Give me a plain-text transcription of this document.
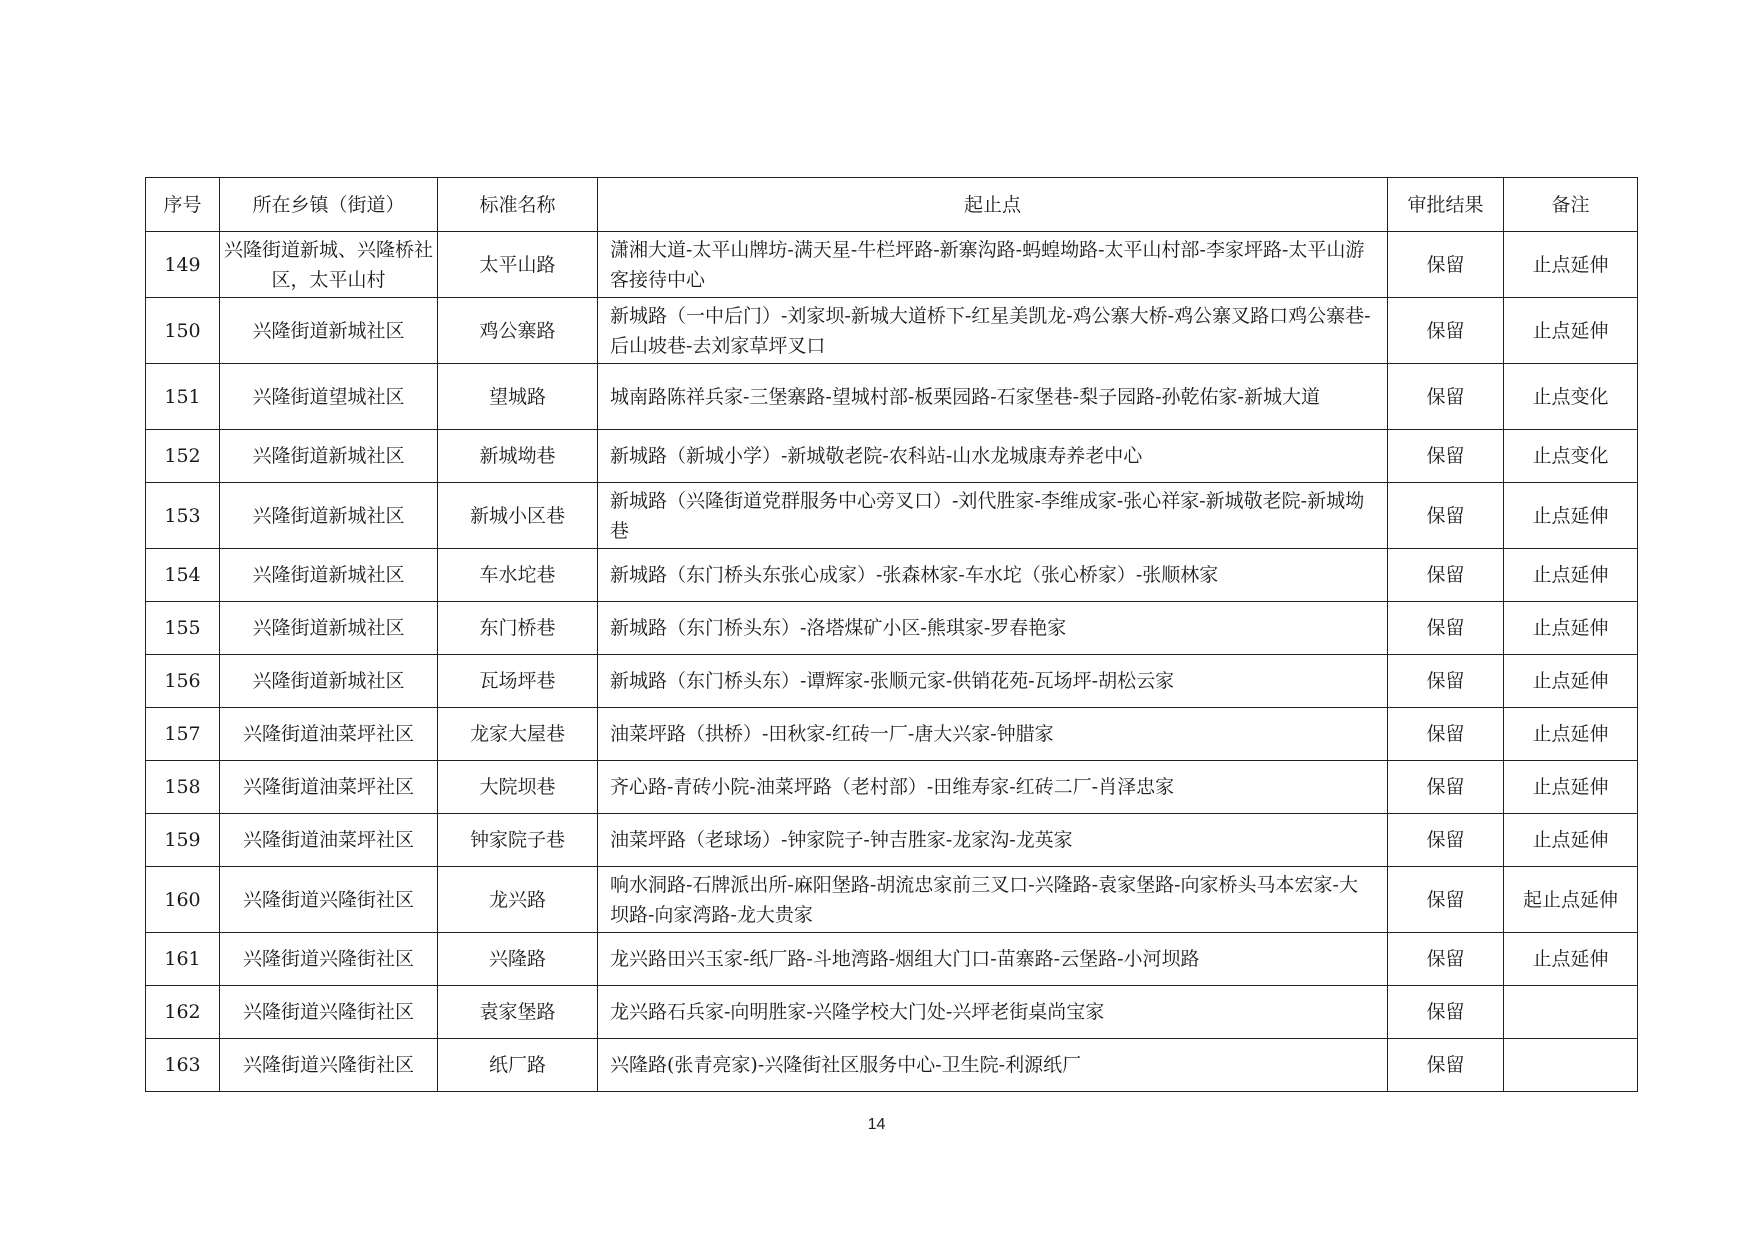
序号	所在乡镇（街道）	标准名称	起止点	审批结果	备注

149	兴隆街道新城、兴隆桥社区，太平山村	太平山路	潇湘大道-太平山牌坊-满天星-牛栏坪路-新寨沟路-蚂蝗坳路-太平山村部-李家坪路-太平山游客接待中心	保留	止点延伸

150	兴隆街道新城社区	鸡公寨路	新城路（一中后门）-刘家坝-新城大道桥下-红星美凯龙-鸡公寨大桥-鸡公寨叉路口鸡公寨巷-后山坡巷-去刘家草坪叉口	保留	止点延伸

151	兴隆街道望城社区	望城路	城南路陈祥兵家-三堡寨路-望城村部-板栗园路-石家堡巷-梨子园路-孙乾佑家-新城大道	保留	止点变化

152	兴隆街道新城社区	新城坳巷	新城路（新城小学）-新城敬老院-农科站-山水龙城康寿养老中心	保留	止点变化

153	兴隆街道新城社区	新城小区巷	新城路（兴隆街道党群服务中心旁叉口）-刘代胜家-李维成家-张心祥家-新城敬老院-新城坳巷	保留	止点延伸

154	兴隆街道新城社区	车水坨巷	新城路（东门桥头东张心成家）-张森林家-车水坨（张心桥家）-张顺林家	保留	止点延伸

155	兴隆街道新城社区	东门桥巷	新城路（东门桥头东）-洛塔煤矿小区-熊琪家-罗春艳家	保留	止点延伸

156	兴隆街道新城社区	瓦场坪巷	新城路（东门桥头东）-谭辉家-张顺元家-供销花苑-瓦场坪-胡松云家	保留	止点延伸

157	兴隆街道油菜坪社区	龙家大屋巷	油菜坪路（拱桥）-田秋家-红砖一厂-唐大兴家-钟腊家	保留	止点延伸

158	兴隆街道油菜坪社区	大院坝巷	齐心路-青砖小院-油菜坪路（老村部）-田维寿家-红砖二厂-肖泽忠家	保留	止点延伸

159	兴隆街道油菜坪社区	钟家院子巷	油菜坪路（老球场）-钟家院子-钟吉胜家-龙家沟-龙英家	保留	止点延伸

160	兴隆街道兴隆街社区	龙兴路	响水洞路-石牌派出所-麻阳堡路-胡流忠家前三叉口-兴隆路-袁家堡路-向家桥头马本宏家-大坝路-向家湾路-龙大贵家	保留	起止点延伸

161	兴隆街道兴隆街社区	兴隆路	龙兴路田兴玉家-纸厂路-斗地湾路-烟组大门口-苗寨路-云堡路-小河坝路	保留	止点延伸

162	兴隆街道兴隆街社区	袁家堡路	龙兴路石兵家-向明胜家-兴隆学校大门处-兴坪老街桌尚宝家	保留	

163	兴隆街道兴隆街社区	纸厂路	兴隆路(张青亮家)-兴隆街社区服务中心-卫生院-利源纸厂	保留	

14
